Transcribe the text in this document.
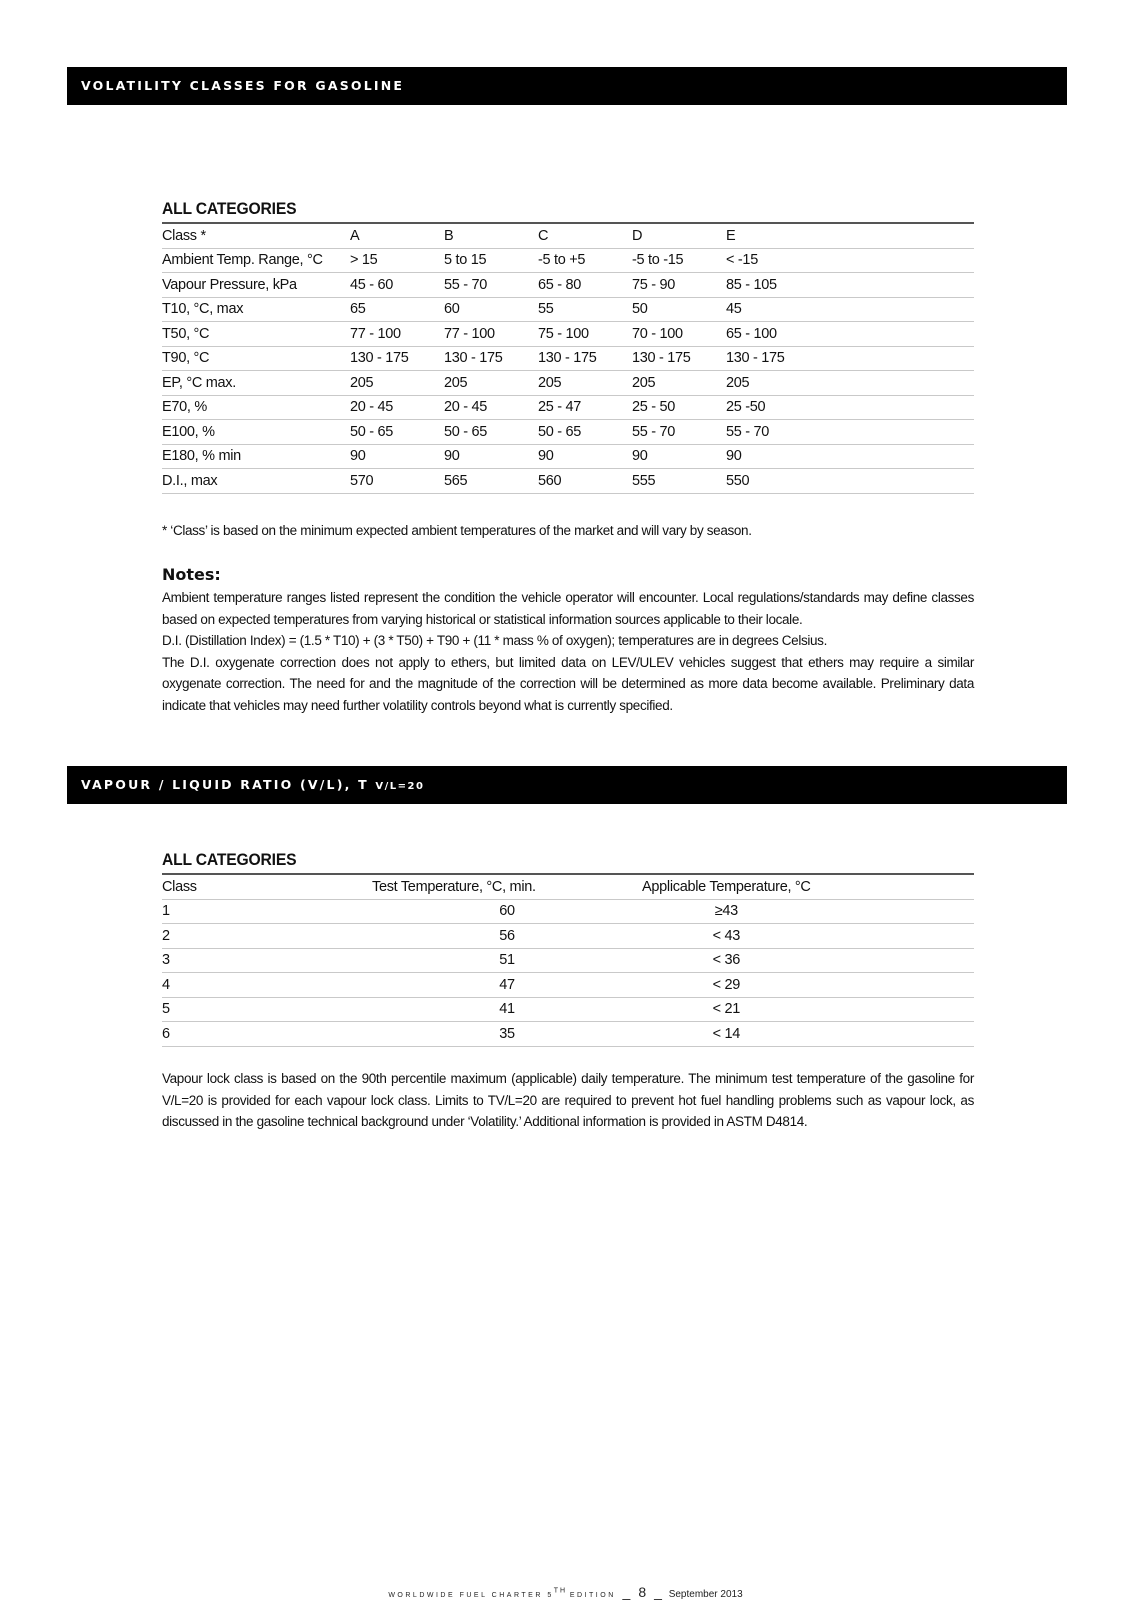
VOLATILITY CLASSES FOR GASOLINE
ALL CATEGORIES
Class *	A	B	C	D	E
Ambient Temp. Range, °C	> 15	5 to 15	-5 to +5	-5 to -15	< -15
Vapour Pressure, kPa	45 - 60	55 - 70	65 - 80	75 - 90	85 - 105
T10, °C, max	65	60	55	50	45
T50, °C	77 - 100	77 - 100	75 - 100	70 - 100	65 - 100
T90, °C	130 - 175	130 - 175	130 - 175	130 - 175	130 - 175
EP, °C max.	205	205	205	205	205
E70, %	20 - 45	20 - 45	25 - 47	25 - 50	25 -50
E100, %	50 - 65	50 - 65	50 - 65	55 - 70	55 - 70
E180, % min	90	90	90	90	90
D.I., max	570	565	560	555	550
* ‘Class’ is based on the minimum expected ambient temperatures of the market and will vary by season.
Notes:

Ambient temperature ranges listed represent the condition the vehicle operator will encounter. Local regulations/standards may define classes based on expected temperatures from varying historical or statistical information sources applicable to their locale.

D.I. (Distillation Index) = (1.5 * T10) + (3 * T50) + T90 + (11 * mass % of oxygen); temperatures are in degrees Celsius.

The D.I. oxygenate correction does not apply to ethers, but limited data on LEV/ULEV vehicles suggest that ethers may require a similar oxygenate correction. The need for and the magnitude of the correction will be determined as more data become available. Preliminary data indicate that vehicles may need further volatility controls beyond what is currently specified.

VAPOUR / LIQUID RATIO (V/L), T V/L=20
ALL CATEGORIES
Class	Test Temperature, °C, min.	Applicable Temperature, °C	
1	60	≥43	
2	56	< 43	
3	51	< 36	
4	47	< 29	
5	41	< 21	
6	35	< 14	
Vapour lock class is based on the 90th percentile maximum (applicable) daily temperature. The minimum test temperature of the gasoline for V/L=20 is provided for each vapour lock class. Limits to TV/L=20 are required to prevent hot fuel handling problems such as vapour lock, as discussed in the gasoline technical background under ‘Volatility.’ Additional information is provided in ASTM D4814.
WORLDWIDE FUEL CHARTER 5TH EDITION _ 8 _ September 2013
